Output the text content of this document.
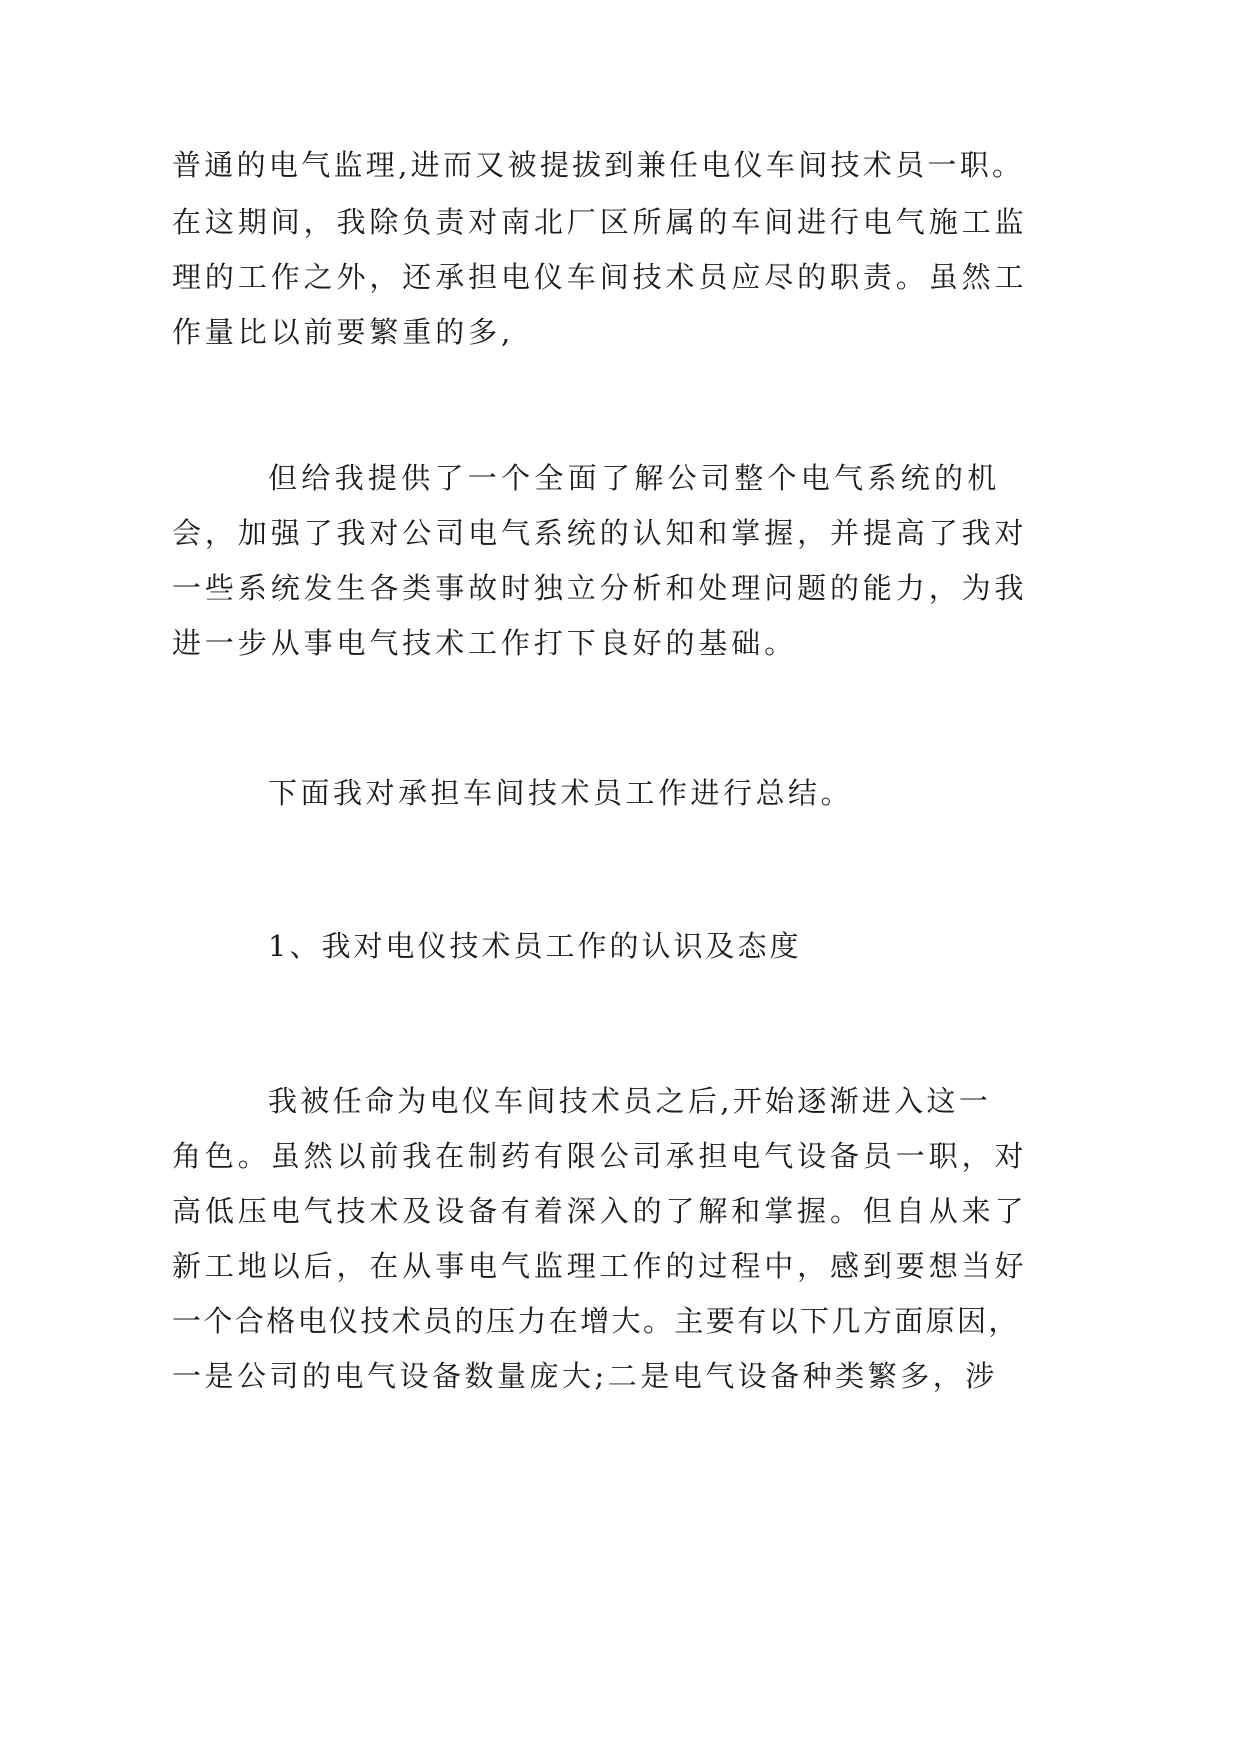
普通的电气监理,进而又被提拔到兼任电仪车间技术员一职。
在这期间，我除负责对南北厂区所属的车间进行电气施工监
理的工作之外，还承担电仪车间技术员应尽的职责。虽然工
作量比以前要繁重的多,
但给我提供了一个全面了解公司整个电气系统的机
会，加强了我对公司电气系统的认知和掌握，并提高了我对
一些系统发生各类事故时独立分析和处理问题的能力，为我
进一步从事电气技术工作打下良好的基础。
下面我对承担车间技术员工作进行总结。
1、我对电仪技术员工作的认识及态度
我被任命为电仪车间技术员之后,开始逐渐进入这一
角色。虽然以前我在制药有限公司承担电气设备员一职，对
高低压电气技术及设备有着深入的了解和掌握。但自从来了
新工地以后，在从事电气监理工作的过程中，感到要想当好
一个合格电仪技术员的压力在增大。主要有以下几方面原因，
一是公司的电气设备数量庞大;二是电气设备种类繁多，涉
